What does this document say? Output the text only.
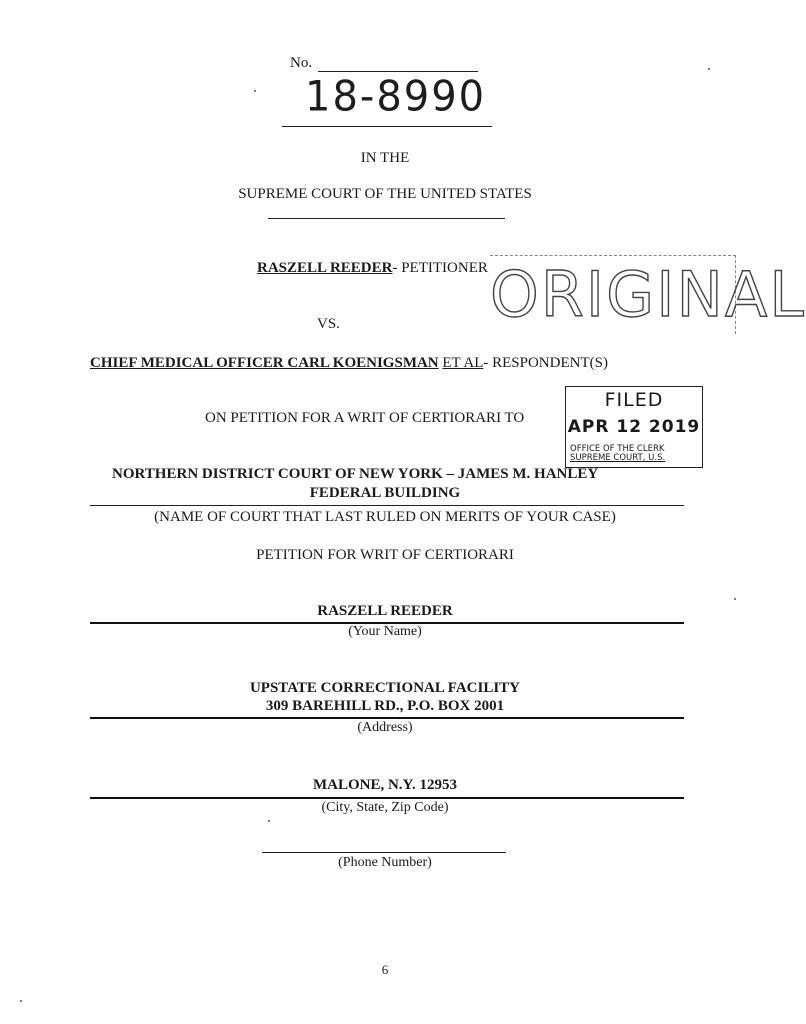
No.
18-8990
IN THE
SUPREME COURT OF THE UNITED STATES
RASZELL REEDER- PETITIONER ORIGINAL
VS.
CHIEF MEDICAL OFFICER CARL KOENIGSMAN ET AL- RESPONDENT(S)
ON PETITION FOR A WRIT OF CERTIORARI TO
FILED
APR 12 2019
OFFICE OF THE CLERK
SUPREME COURT, U.S.
NORTHERN DISTRICT COURT OF NEW YORK – JAMES M. HANLEY
FEDERAL BUILDING
(NAME OF COURT THAT LAST RULED ON MERITS OF YOUR CASE)
PETITION FOR WRIT OF CERTIORARI
RASZELL REEDER
(Your Name)
UPSTATE CORRECTIONAL FACILITY
309 BAREHILL RD., P.O. BOX 2001
(Address)
MALONE, N.Y. 12953
(City, State, Zip Code)
(Phone Number)
6
